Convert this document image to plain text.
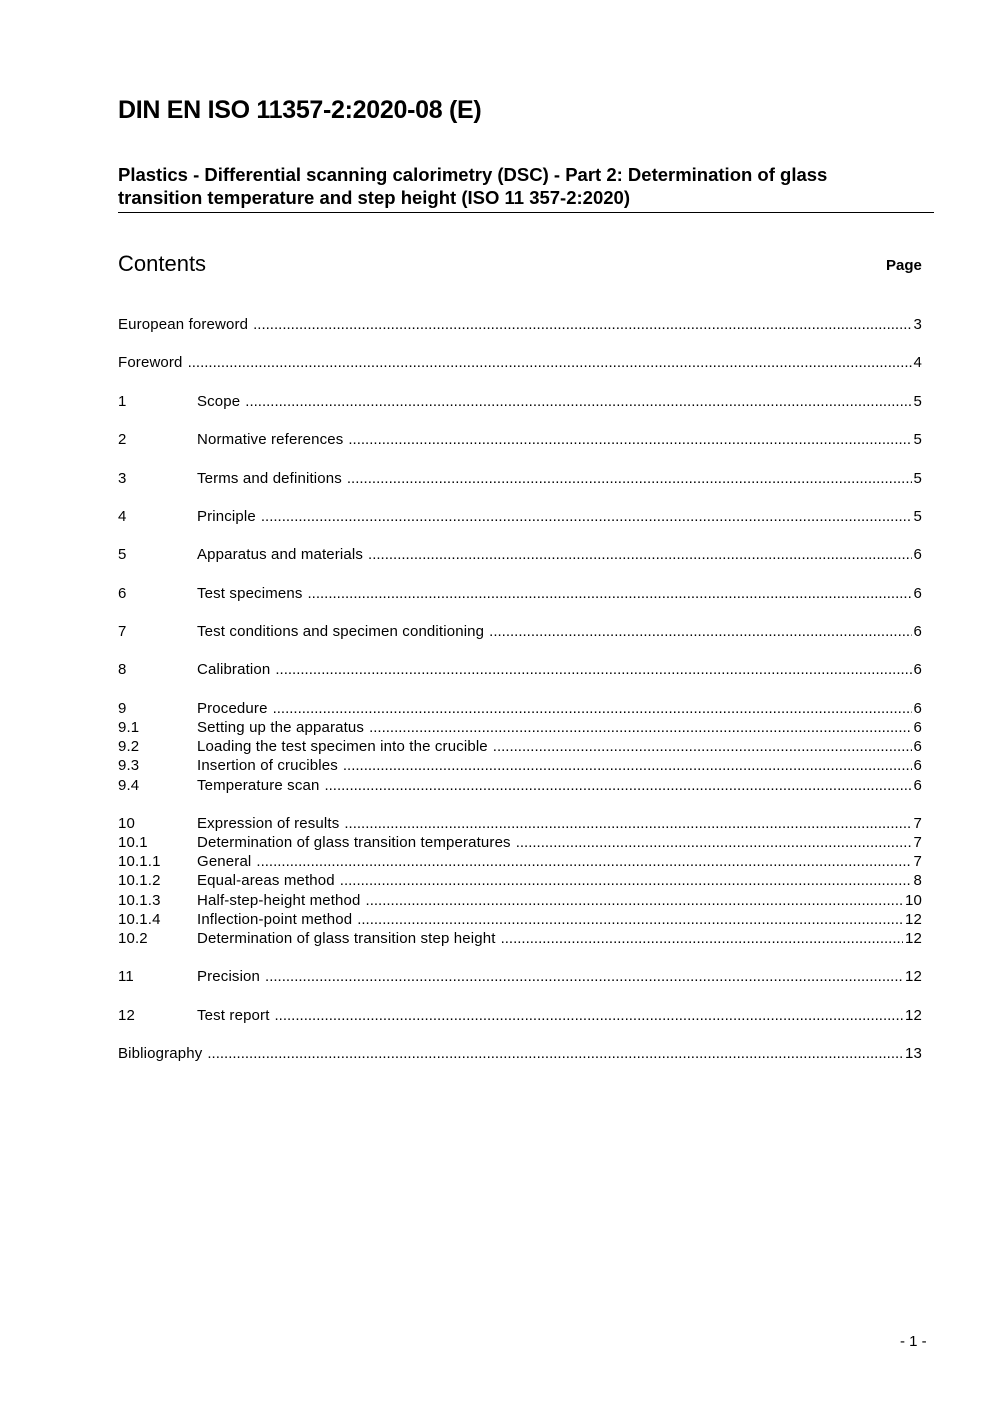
DIN EN ISO 11357-2:2020-08 (E)
Plastics - Differential scanning calorimetry (DSC) - Part 2: Determination of glass
transition temperature and step height (ISO 11 357-2:2020)
Contents	Page
European foreword .....	3
Foreword .....	4
1	Scope .....	5
2	Normative references .....	5
3	Terms and definitions .....	5
4	Principle .....	5
5	Apparatus and materials .....	6
6	Test specimens .....	6
7	Test conditions and specimen conditioning .....	6
8	Calibration .....	6
9	Procedure .....	6
9.1	Setting up the apparatus .....	6
9.2	Loading the test specimen into the crucible .....	6
9.3	Insertion of crucibles .....	6
9.4	Temperature scan .....	6
10	Expression of results .....	7
10.1	Determination of glass transition temperatures .....	7
10.1.1	General .....	7
10.1.2	Equal-areas method .....	8
10.1.3	Half-step-height method .....	10
10.1.4	Inflection-point method .....	12
10.2	Determination of glass transition step height .....	12
11	Precision .....	12
12	Test report .....	12
Bibliography .....	13
- 1 -
